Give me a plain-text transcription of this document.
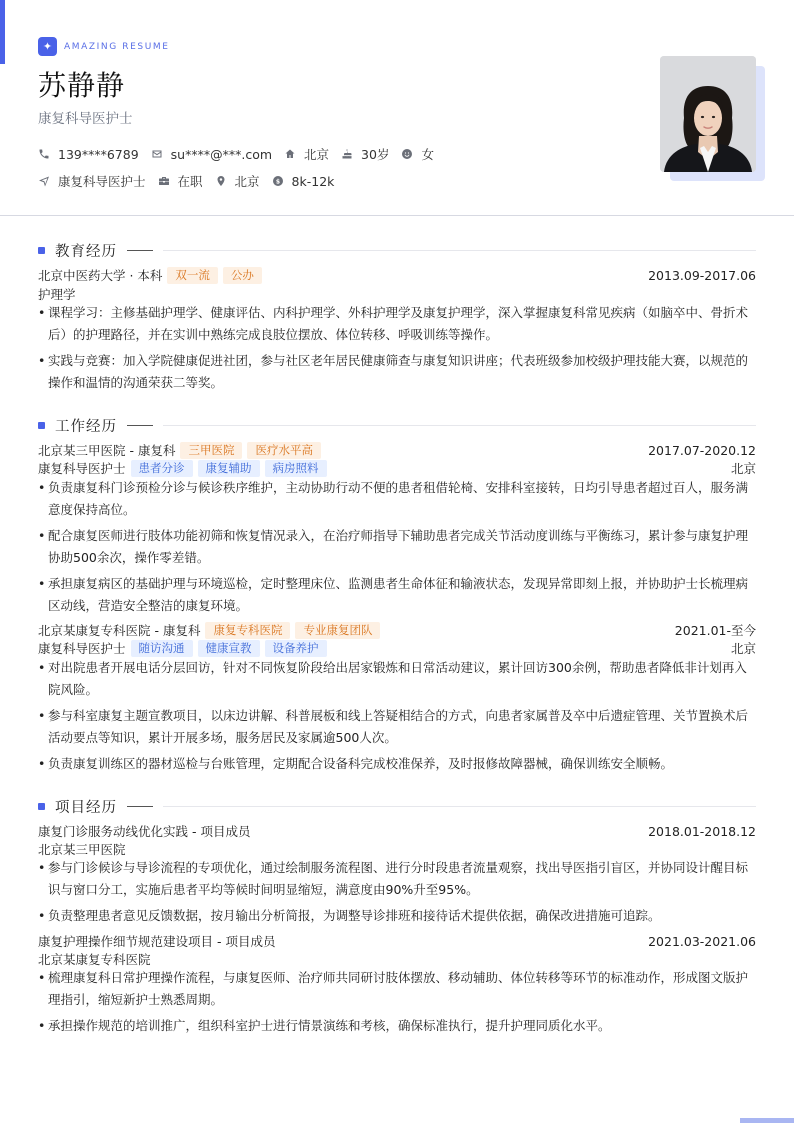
✦	AMAZING RESUME
苏静静
康复科导医护士
139****6789	su****@***.com	北京	30岁	女
康复科导医护士	在职	北京 $ 8k-12k
教育经历
北京中医药大学 · 本科	双一流	公办	2013.09-2017.06
护理学
• 课程学习：主修基础护理学、健康评估、内科护理学、外科护理学及康复护理学，深入掌握康复科常见疾病（如脑卒中、骨折术后）的护理路径，并在实训中熟练完成良肢位摆放、体位转移、呼吸训练等操作。
• 实践与竞赛：加入学院健康促进社团，参与社区老年居民健康筛查与康复知识讲座；代表班级参加校级护理技能大赛，以规范的操作和温情的沟通荣获二等奖。
工作经历
北京某三甲医院 - 康复科	三甲医院	医疗水平高	2017.07-2020.12
康复科导医护士	患者分诊	康复辅助	病房照料	北京
• 负责康复科门诊预检分诊与候诊秩序维护，主动协助行动不便的患者租借轮椅、安排科室接转，日均引导患者超过百人，服务满意度保持高位。
• 配合康复医师进行肢体功能初筛和恢复情况录入，在治疗师指导下辅助患者完成关节活动度训练与平衡练习，累计参与康复护理协助500余次，操作零差错。
• 承担康复病区的基础护理与环境巡检，定时整理床位、监测患者生命体征和输液状态，发现异常即刻上报，并协助护士长梳理病区动线，营造安全整洁的康复环境。
北京某康复专科医院 - 康复科	康复专科医院	专业康复团队	2021.01-至今
康复科导医护士	随访沟通	健康宣教	设备养护	北京
• 对出院患者开展电话分层回访，针对不同恢复阶段给出居家锻炼和日常活动建议，累计回访300余例，帮助患者降低非计划再入院风险。
• 参与科室康复主题宣教项目，以床边讲解、科普展板和线上答疑相结合的方式，向患者家属普及卒中后遗症管理、关节置换术后活动要点等知识，累计开展多场，服务居民及家属逾500人次。
• 负责康复训练区的器材巡检与台账管理，定期配合设备科完成校准保养，及时报修故障器械，确保训练安全顺畅。
项目经历
康复门诊服务动线优化实践 - 项目成员	2018.01-2018.12
北京某三甲医院
• 参与门诊候诊与导诊流程的专项优化，通过绘制服务流程图、进行分时段患者流量观察，找出导医指引盲区，并协同设计醒目标识与窗口分工，实施后患者平均等候时间明显缩短，满意度由90%升至95%。
• 负责整理患者意见反馈数据，按月输出分析简报，为调整导诊排班和接待话术提供依据，确保改进措施可追踪。
康复护理操作细节规范建设项目 - 项目成员	2021.03-2021.06
北京某康复专科医院
• 梳理康复科日常护理操作流程，与康复医师、治疗师共同研讨肢体摆放、移动辅助、体位转移等环节的标准动作，形成图文版护理指引，缩短新护士熟悉周期。
• 承担操作规范的培训推广，组织科室护士进行情景演练和考核，确保标准执行，提升护理同质化水平。
